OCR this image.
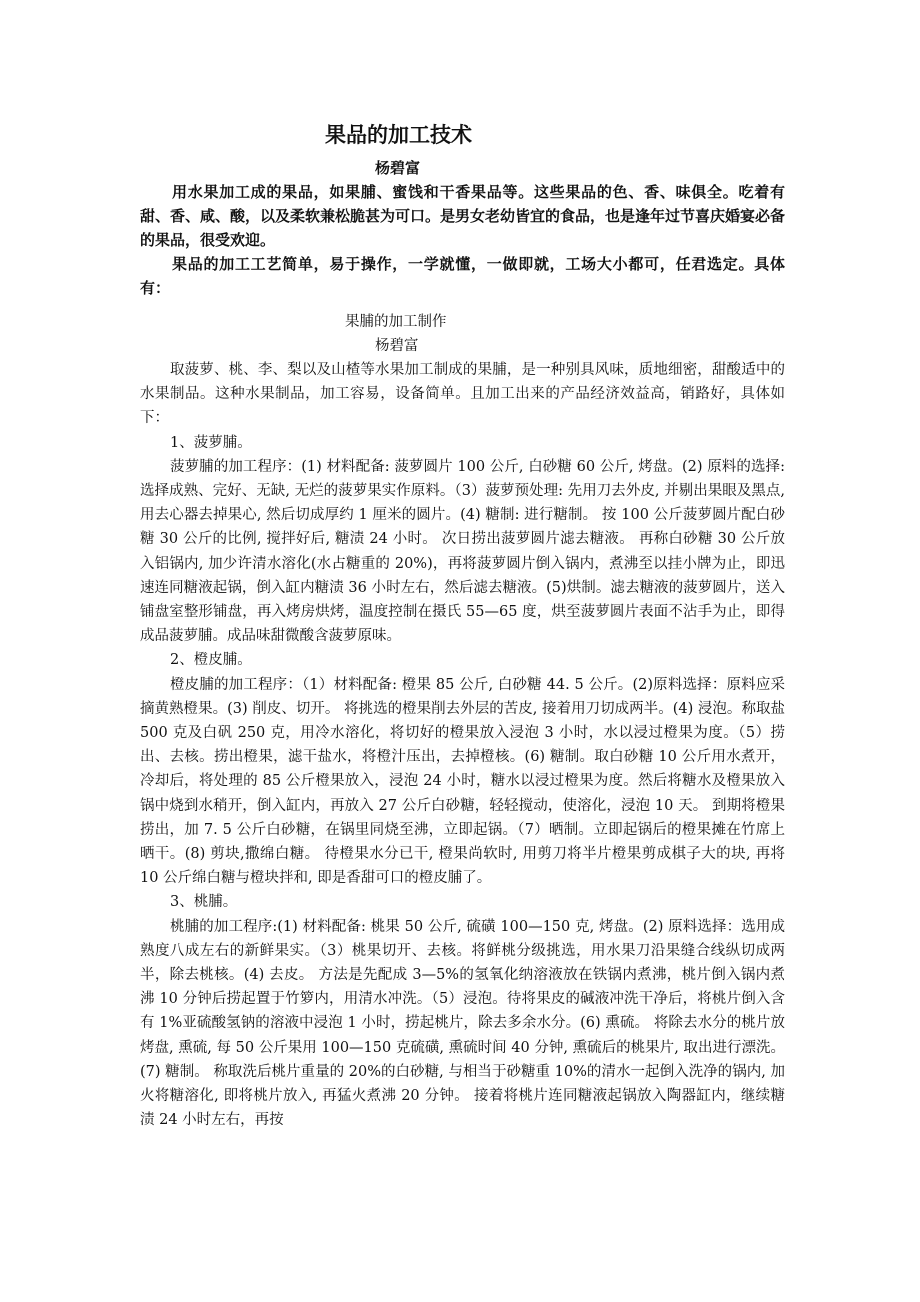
果品的加工技术

杨碧富

用水果加工成的果品，如果脯、蜜饯和干香果品等。这些果品的色、香、味俱全。吃着有甜、香、咸、酸，以及柔软兼松脆甚为可口。是男女老幼皆宜的食品，也是逢年过节喜庆婚宴必备的果品，很受欢迎。

果品的加工工艺简单，易于操作，一学就懂，一做即就，工场大小都可，任君选定。具体有：

果脯的加工制作

杨碧富

取菠萝、桃、李、梨以及山楂等水果加工制成的果脯，是一种别具风味，质地细密，甜酸适中的水果制品。这种水果制品，加工容易，设备简单。且加工出来的产品经济效益高，销路好，具体如下：

1、菠萝脯。

菠萝脯的加工程序：(1) 材料配备: 菠萝圆片 100 公斤, 白砂糖 60 公斤, 烤盘。(2) 原料的选择: 选择成熟、完好、无缺, 无烂的菠萝果实作原料。（3）菠萝预处理: 先用刀去外皮, 并剔出果眼及黑点, 用去心器去掉果心, 然后切成厚约 1 厘米的圆片。(4) 糖制: 进行糖制。 按 100 公斤菠萝圆片配白砂糖 30 公斤的比例, 搅拌好后, 糖渍 24 小时。 次日捞出菠萝圆片滤去糖液。 再称白砂糖 30 公斤放入铝锅内, 加少许清水溶化(水占糖重的 20%)，再将菠萝圆片倒入锅内，煮沸至以挂小牌为止，即迅速连同糖液起锅，倒入缸内糖渍 36 小时左右，然后滤去糖液。(5)烘制。滤去糖液的菠萝圆片，送入铺盘室整形铺盘，再入烤房烘烤，温度控制在摄氏 55—65 度，烘至菠萝圆片表面不沾手为止，即得成品菠萝脯。成品味甜微酸含菠萝原味。

2、橙皮脯。

橙皮脯的加工程序：（1）材料配备: 橙果 85 公斤, 白砂糖 44. 5 公斤。(2)原料选择：原料应采摘黄熟橙果。(3) 削皮、切开。 将挑选的橙果削去外层的苦皮, 接着用刀切成两半。(4) 浸泡。称取盐 500 克及白矾 250 克，用冷水溶化，将切好的橙果放入浸泡 3 小时，水以浸过橙果为度。（5）捞出、去核。捞出橙果，滤干盐水，将橙汁压出，去掉橙核。(6) 糖制。取白砂糖 10 公斤用水煮开，冷却后，将处理的 85 公斤橙果放入，浸泡 24 小时，糖水以浸过橙果为度。然后将糖水及橙果放入锅中烧到水稍开，倒入缸内，再放入 27 公斤白砂糖，轻轻搅动，使溶化，浸泡 10 天。 到期将橙果捞出，加 7. 5 公斤白砂糖，在锅里同烧至沸，立即起锅。（7）晒制。立即起锅后的橙果摊在竹席上晒干。(8) 剪块,撒绵白糖。 待橙果水分已干, 橙果尚软时, 用剪刀将半片橙果剪成棋子大的块, 再将 10 公斤绵白糖与橙块拌和, 即是香甜可口的橙皮脯了。

3、桃脯。

桃脯的加工程序:(1) 材料配备: 桃果 50 公斤, 硫磺 100—150 克, 烤盘。(2) 原料选择：选用成熟度八成左右的新鲜果实。（3）桃果切开、去核。将鲜桃分级挑选，用水果刀沿果缝合线纵切成两半，除去桃核。(4) 去皮。 方法是先配成 3—5%的氢氧化纳溶液放在铁锅内煮沸，桃片倒入锅内煮沸 10 分钟后捞起置于竹箩内，用清水冲洗。（5）浸泡。待将果皮的碱液冲洗干净后，将桃片倒入含有 1%亚硫酸氢钠的溶液中浸泡 1 小时，捞起桃片，除去多余水分。(6) 熏硫。 将除去水分的桃片放烤盘, 熏硫, 每 50 公斤果用 100—150 克硫磺, 熏硫时间 40 分钟, 熏硫后的桃果片, 取出进行漂洗。(7) 糖制。 称取洗后桃片重量的 20%的白砂糖, 与相当于砂糖重 10%的清水一起倒入洗净的锅内, 加火将糖溶化, 即将桃片放入, 再猛火煮沸 20 分钟。 接着将桃片连同糖液起锅放入陶器缸内，继续糖渍 24 小时左右，再按
